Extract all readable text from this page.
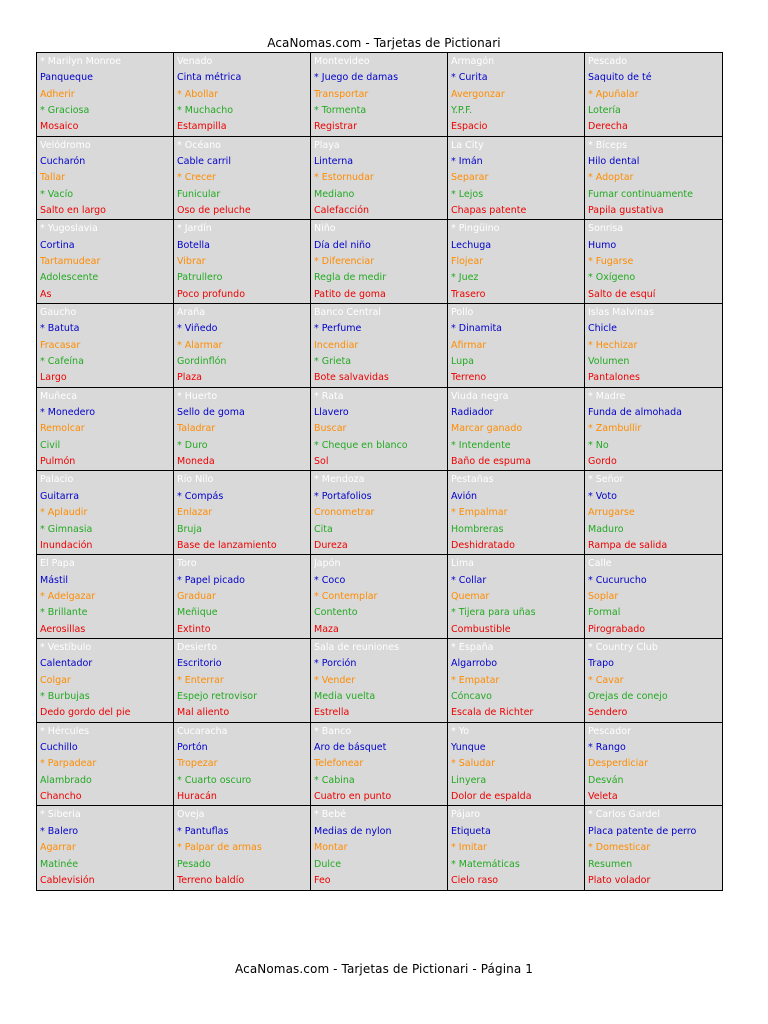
AcaNomas.com - Tarjetas de Pictionari
* Marilyn Monroe
Panqueque
Adherir
* Graciosa
Mosaico
Venado
Cinta métrica
* Abollar
* Muchacho
Estampilla
Montevideo
* Juego de damas
Transportar
* Tormenta
Registrar
Armagón
* Curita
Avergonzar
Y.P.F.
Espacio
Pescado
Saquito de té
* Apuñalar
Lotería
Derecha
Velódromo
Cucharón
Tallar
* Vacío
Salto en largo
* Océano
Cable carril
* Crecer
Funicular
Oso de peluche
Playa
Linterna
* Estornudar
Mediano
Calefacción
La City
* Imán
Separar
* Lejos
Chapas patente
* Bíceps
Hilo dental
* Adoptar
Fumar continuamente
Papila gustativa
* Yugoslavia
Cortina
Tartamudear
Adolescente
As
* Jardín
Botella
Vibrar
Patrullero
Poco profundo
Niño
Día del niño
* Diferenciar
Regla de medir
Patito de goma
* Pingüino
Lechuga
Flojear
* Juez
Trasero
Sonrisa
Humo
* Fugarse
* Oxígeno
Salto de esquí
Gaucho
* Batuta
Fracasar
* Cafeína
Largo
Araña
* Viñedo
* Alarmar
Gordinflón
Plaza
Banco Central
* Perfume
Incendiar
* Grieta
Bote salvavidas
Pollo
* Dinamita
Afirmar
Lupa
Terreno
Islas Malvinas
Chicle
* Hechizar
Volumen
Pantalones
Muñeca
* Monedero
Remolcar
Civil
Pulmón
* Huerto
Sello de goma
Taladrar
* Duro
Moneda
* Rata
Llavero
Buscar
* Cheque en blanco
Sol
Viuda negra
Radiador
Marcar ganado
* Intendente
Baño de espuma
* Madre
Funda de almohada
* Zambullir
* No
Gordo
Palacio
Guitarra
* Aplaudir
* Gimnasia
Inundación
Río Nilo
* Compás
Enlazar
Bruja
Base de lanzamiento
* Mendoza
* Portafolios
Cronometrar
Cita
Dureza
Pestañas
Avión
* Empalmar
Hombreras
Deshidratado
* Señor
* Voto
Arrugarse
Maduro
Rampa de salida
El Papa
Mástil
* Adelgazar
* Brillante
Aerosillas
Toro
* Papel picado
Graduar
Meñique
Extinto
Japón
* Coco
* Contemplar
Contento
Maza
Lima
* Collar
Quemar
* Tijera para uñas
Combustible
Calle
* Cucurucho
Soplar
Formal
Pirograbado
* Vestíbulo
Calentador
Colgar
* Burbujas
Dedo gordo del pie
Desierto
Escritorio
* Enterrar
Espejo retrovisor
Mal aliento
Sala de reuniones
* Porción
* Vender
Media vuelta
Estrella
* España
Algarrobo
* Empatar
Cóncavo
Escala de Richter
* Country Club
Trapo
* Cavar
Orejas de conejo
Sendero
* Hércules
Cuchillo
* Parpadear
Alambrado
Chancho
Cucaracha
Portón
Tropezar
* Cuarto oscuro
Huracán
* Banco
Aro de básquet
Telefonear
* Cabina
Cuatro en punto
* Yo
Yunque
* Saludar
Linyera
Dolor de espalda
Pescador
* Rango
Desperdiciar
Desván
Veleta
* Siberia
* Balero
Agarrar
Matinée
Cablevisión
Oveja
* Pantuflas
* Palpar de armas
Pesado
Terreno baldío
* Bebé
Medias de nylon
Montar
Dulce
Feo
Pájaro
Etiqueta
* Imitar
* Matemáticas
Cielo raso
* Carlos Gardel
Placa patente de perro
* Domesticar
Resumen
Plato volador
AcaNomas.com - Tarjetas de Pictionari - Página 1
